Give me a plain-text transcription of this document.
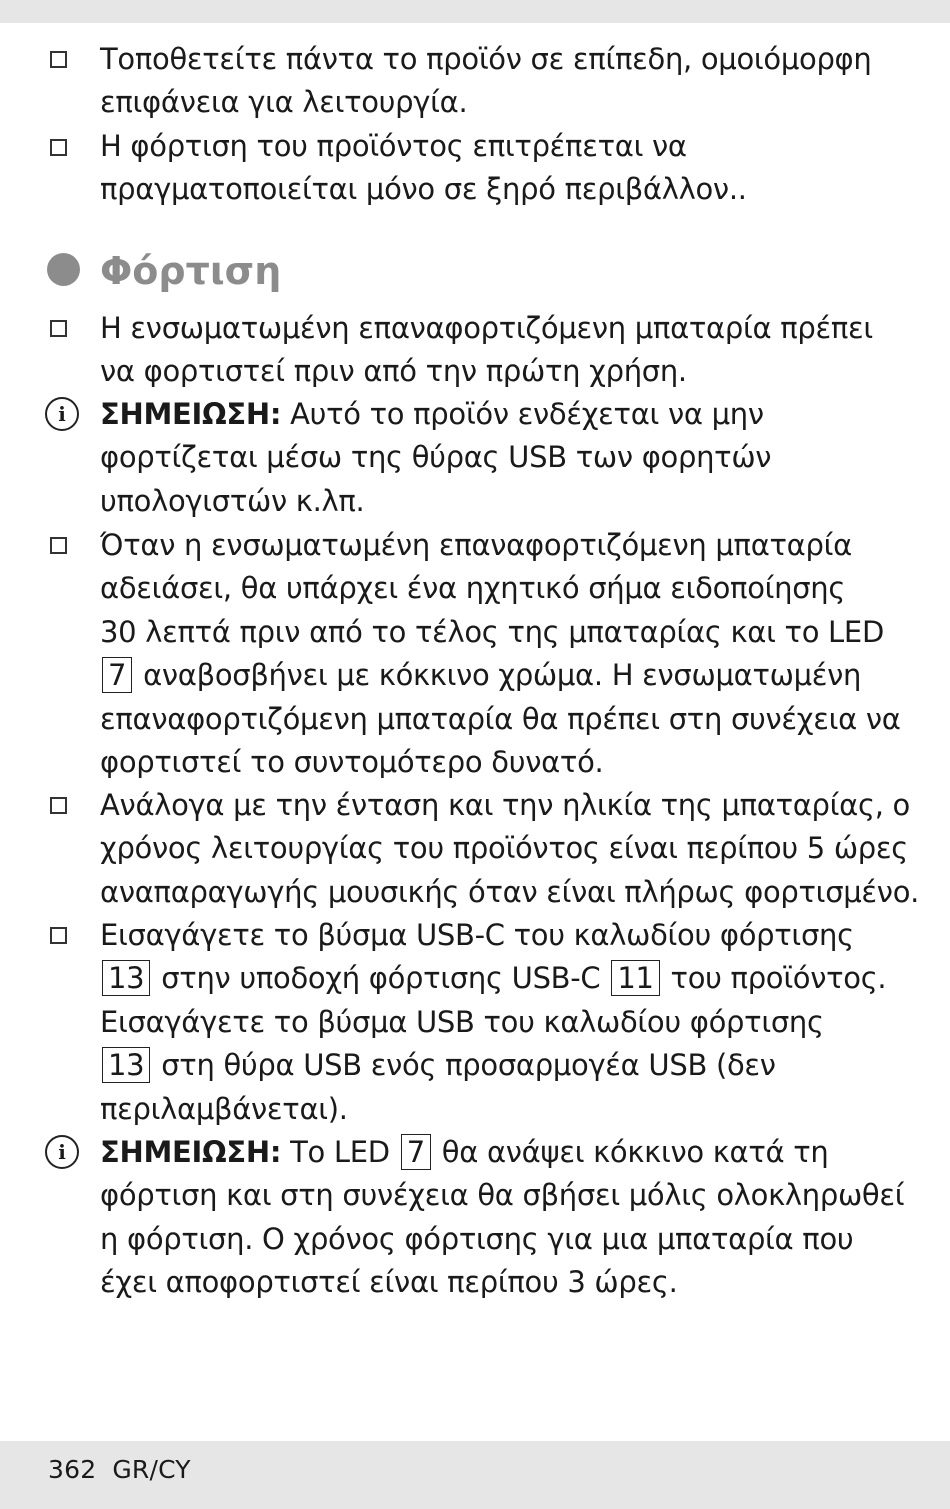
Τοποθετείτε πάντα το προϊόν σε επίπεδη, ομοιόμορφη
επιφάνεια για λειτουργία.
Η φόρτιση του προϊόντος επιτρέπεται να
πραγματοποιείται μόνο σε ξηρό περιβάλλον..
Φόρτιση
Η ενσωματωμένη επαναφορτιζόμενη μπαταρία πρέπει
να φορτιστεί πριν από την πρώτη χρήση.
i	ΣΗΜΕΙΩΣΗ: Αυτό το προϊόν ενδέχεται να μην
φορτίζεται μέσω της θύρας USB των φορητών
υπολογιστών κ.λπ.
Όταν η ενσωματωμένη επαναφορτιζόμενη μπαταρία
αδειάσει, θα υπάρχει ένα ηχητικό σήμα ειδοποίησης
30 λεπτά πριν από το τέλος της μπαταρίας και το LED
7 αναβοσβήνει με κόκκινο χρώμα. Η ενσωματωμένη
επαναφορτιζόμενη μπαταρία θα πρέπει στη συνέχεια να
φορτιστεί το συντομότερο δυνατό.
Ανάλογα με την ένταση και την ηλικία της μπαταρίας, ο
χρόνος λειτουργίας του προϊόντος είναι περίπου 5 ώρες
αναπαραγωγής μουσικής όταν είναι πλήρως φορτισμένο.
Εισαγάγετε το βύσμα USB-C του καλωδίου φόρτισης
13 στην υποδοχή φόρτισης USB-C 11 του προϊόντος.
Εισαγάγετε το βύσμα USB του καλωδίου φόρτισης
13 στη θύρα USB ενός προσαρμογέα USB (δεν
περιλαμβάνεται).
i	ΣΗΜΕΙΩΣΗ: Το LED 7 θα ανάψει κόκκινο κατά τη
φόρτιση και στη συνέχεια θα σβήσει μόλις ολοκληρωθεί
η φόρτιση. Ο χρόνος φόρτισης για μια μπαταρία που
έχει αποφορτιστεί είναι περίπου 3 ώρες.
362 GR/CY
